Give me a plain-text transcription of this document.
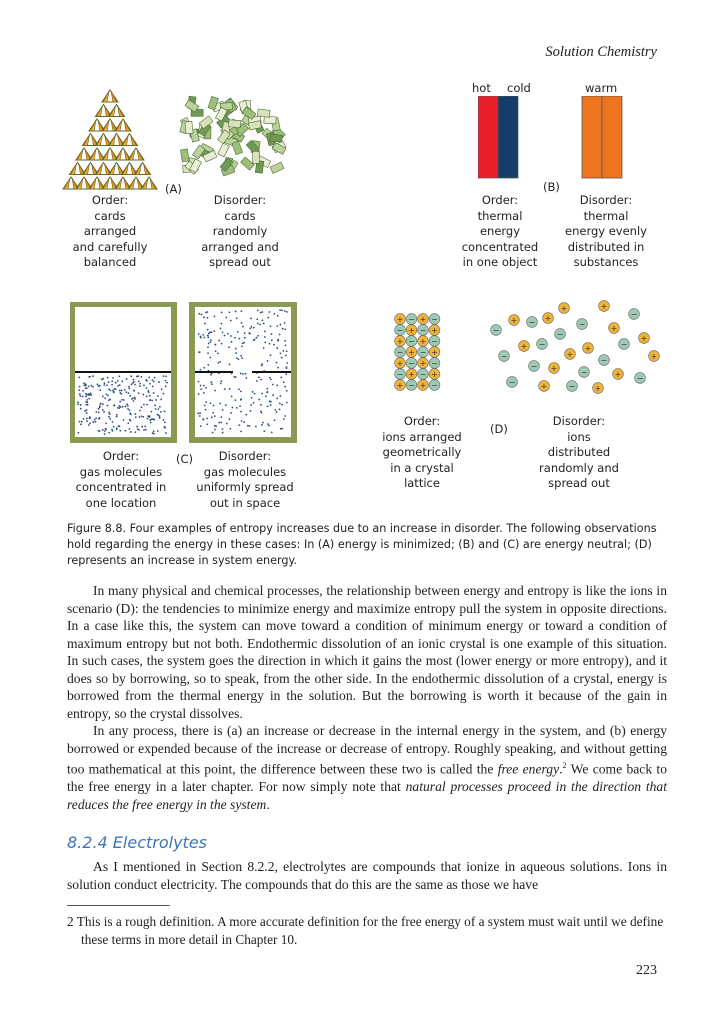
Solution Chemistry
(A)
Order:
cards
arranged
and carefully
balanced
Disorder:
cards
randomly
arranged and
spread out
hot cold	warm
(B)
Order:
thermal
energy
concentrated
in one object
Disorder:
thermal
energy evenly
distributed in
substances
(C)
Order:
gas molecules
concentrated in
one location
Disorder:
gas molecules
uniformly spread
out in space
+ − + −
− + − +
+ − + −
− + − +
+ − + −
− + − +
+ − + −
+	+
−
+ − +
−	+
−	−	+
+ −	+	−
−	+
−	+
− +	−	+ −
−	+	− +
(D)
Order:
ions arranged
geometrically
in a crystal
lattice
Disorder:
ions
distributed
randomly and
spread out
Figure 8.8. Four examples of entropy increases due to an increase in disorder. The following observations hold regarding the energy in these cases: In (A) energy is minimized; (B) and (C) are energy neutral; (D) represents an increase in system energy.

In many physical and chemical processes, the relationship between energy and entropy is like the ions in scenario (D): the tendencies to minimize energy and maximize entropy pull the system in opposite directions. In a case like this, the system can move toward a condition of minimum energy or toward a condition of maximum entropy but not both. Endothermic dissolution of an ionic crystal is one example of this situation. In such cases, the system goes the direction in which it gains the most (lower energy or more entropy), and it does so by borrowing, so to speak, from the other side. In the endothermic dissolution of a crystal, energy is borrowed from the thermal energy in the solution. But the borrowing is worth it because of the gain in entropy, so the crystal dissolves.

In any process, there is (a) an increase or decrease in the internal energy in the system, and (b) energy borrowed or expended because of the increase or decrease of entropy. Roughly speaking, and without getting too mathematical at this point, the difference between these two is called the free energy.$^2$ We come back to the free energy in a later chapter. For now simply note that natural processes proceed in the direction that reduces the free energy in the system.

8.2.4 Electrolytes

As I mentioned in Section 8.2.2, electrolytes are compounds that ionize in aqueous solutions. Ions in solution conduct electricity. The compounds that do this are the same as those we have

2 This is a rough definition. A more accurate definition for the free energy of a system must wait until we define these terms in more detail in Chapter 10.
223
